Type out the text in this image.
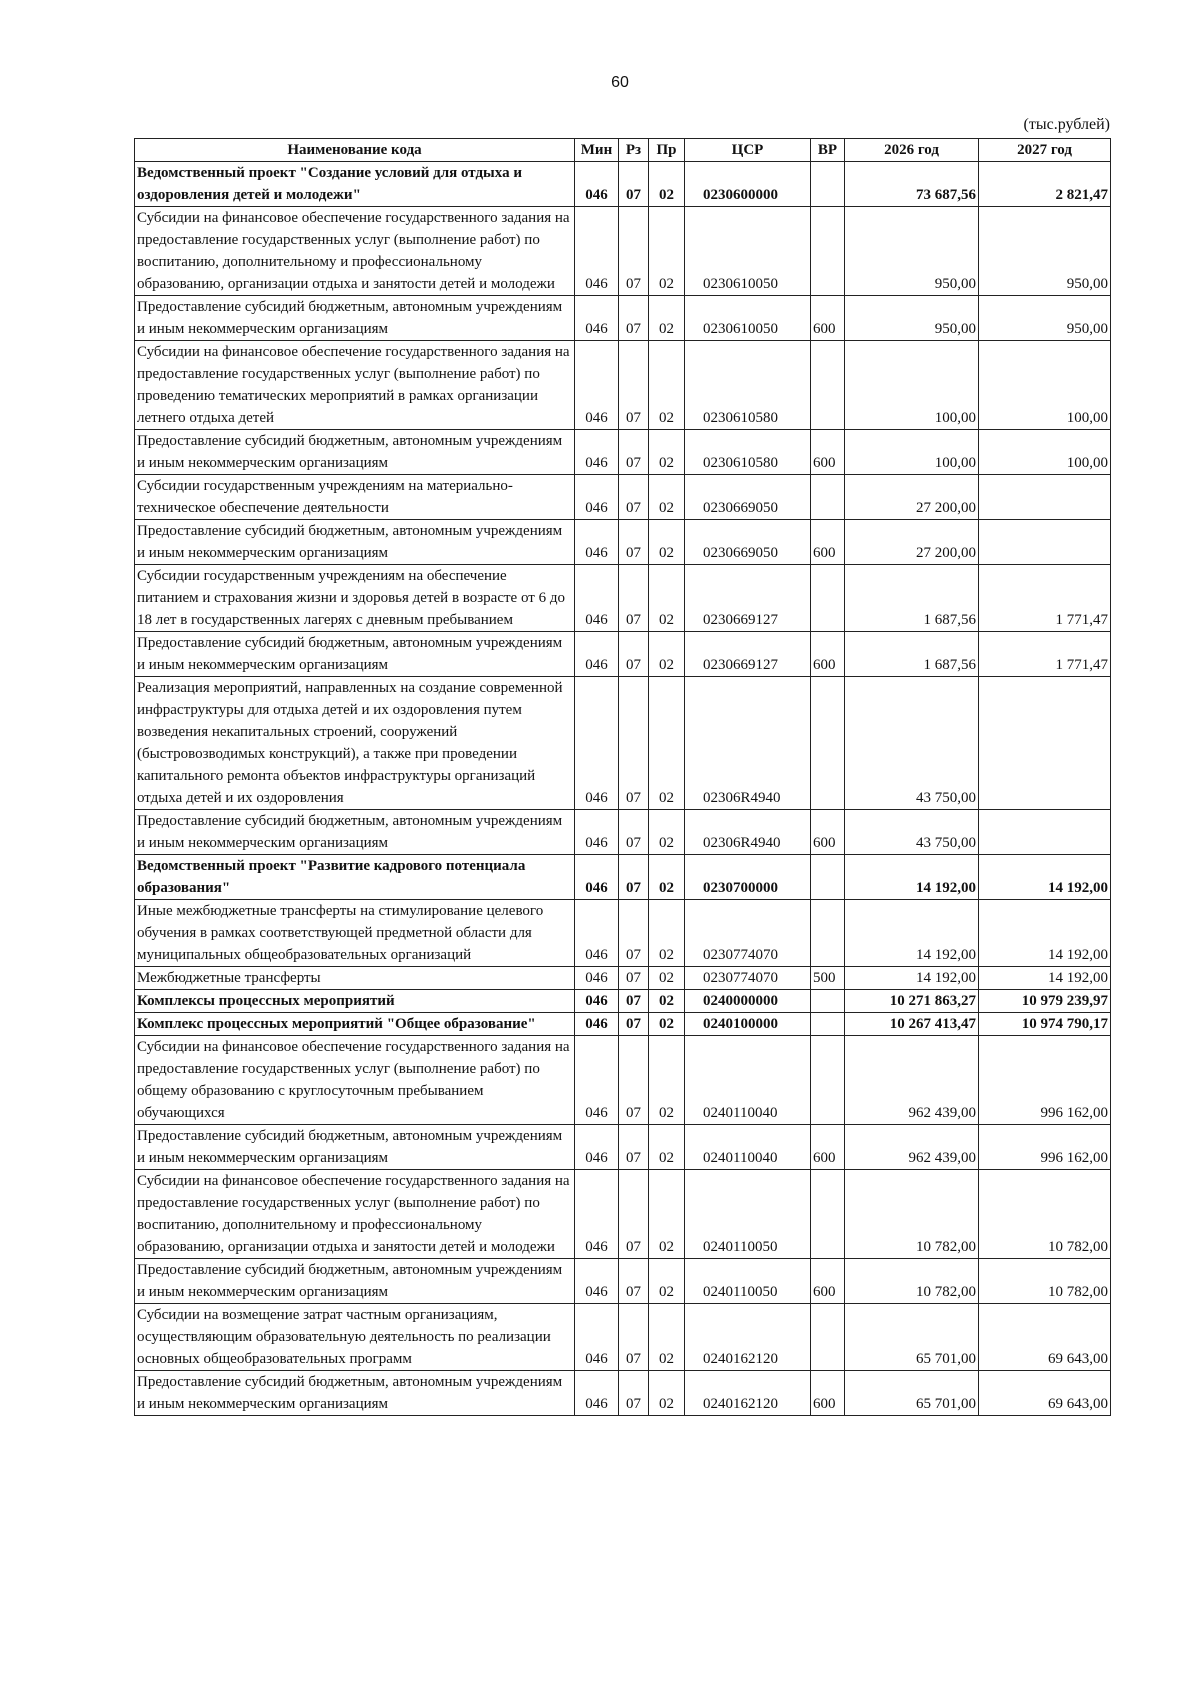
60
(тыс.рублей)
Наименование кода	Мин	Рз	Пр	ЦСР	ВР	2026 год	2027 год
Ведомственный проект "Создание условий для отдыха и оздоровления детей и молодежи"	046	07	02	0230600000		73 687,56	2 821,47
Субсидии на финансовое обеспечение государственного задания на предоставление государственных услуг (выполнение работ) по воспитанию, дополнительному и профессиональному образованию, организации отдыха и занятости детей и молодежи	046	07	02	0230610050		950,00	950,00
Предоставление субсидий бюджетным, автономным учреждениям и иным некоммерческим организациям	046	07	02	0230610050	600	950,00	950,00
Субсидии на финансовое обеспечение государственного задания на предоставление государственных услуг (выполнение работ) по проведению тематических мероприятий в рамках организации летнего отдыха детей	046	07	02	0230610580		100,00	100,00
Предоставление субсидий бюджетным, автономным учреждениям и иным некоммерческим организациям	046	07	02	0230610580	600	100,00	100,00
Субсидии государственным учреждениям на материально-техническое обеспечение деятельности	046	07	02	0230669050		27 200,00	
Предоставление субсидий бюджетным, автономным учреждениям и иным некоммерческим организациям	046	07	02	0230669050	600	27 200,00	
Субсидии государственным учреждениям на обеспечение питанием и страхования жизни и здоровья детей в возрасте от 6 до 18 лет в государственных лагерях с дневным пребыванием	046	07	02	0230669127		1 687,56	1 771,47
Предоставление субсидий бюджетным, автономным учреждениям и иным некоммерческим организациям	046	07	02	0230669127	600	1 687,56	1 771,47
Реализация мероприятий, направленных на создание современной инфраструктуры для отдыха детей и их оздоровления путем возведения некапитальных строений, сооружений (быстровозводимых конструкций), а также при проведении капитального ремонта объектов инфраструктуры организаций отдыха детей и их оздоровления	046	07	02	02306R4940		43 750,00	
Предоставление субсидий бюджетным, автономным учреждениям и иным некоммерческим организациям	046	07	02	02306R4940	600	43 750,00	
Ведомственный проект "Развитие кадрового потенциала образования"	046	07	02	0230700000		14 192,00	14 192,00
Иные межбюджетные трансферты на стимулирование целевого обучения в рамках соответствующей предметной области для муниципальных общеобразовательных организаций	046	07	02	0230774070		14 192,00	14 192,00
Межбюджетные трансферты	046	07	02	0230774070	500	14 192,00	14 192,00
Комплексы процессных мероприятий	046	07	02	0240000000		10 271 863,27	10 979 239,97
Комплекс процессных мероприятий "Общее образование"	046	07	02	0240100000		10 267 413,47	10 974 790,17
Субсидии на финансовое обеспечение государственного задания на предоставление государственных услуг (выполнение работ) по общему образованию с круглосуточным пребыванием обучающихся	046	07	02	0240110040		962 439,00	996 162,00
Предоставление субсидий бюджетным, автономным учреждениям и иным некоммерческим организациям	046	07	02	0240110040	600	962 439,00	996 162,00
Субсидии на финансовое обеспечение государственного задания на предоставление государственных услуг (выполнение работ) по воспитанию, дополнительному и профессиональному образованию, организации отдыха и занятости детей и молодежи	046	07	02	0240110050		10 782,00	10 782,00
Предоставление субсидий бюджетным, автономным учреждениям и иным некоммерческим организациям	046	07	02	0240110050	600	10 782,00	10 782,00
Субсидии на возмещение затрат частным организациям, осуществляющим образовательную деятельность по реализации основных общеобразовательных программ	046	07	02	0240162120		65 701,00	69 643,00
Предоставление субсидий бюджетным, автономным учреждениям и иным некоммерческим организациям	046	07	02	0240162120	600	65 701,00	69 643,00
